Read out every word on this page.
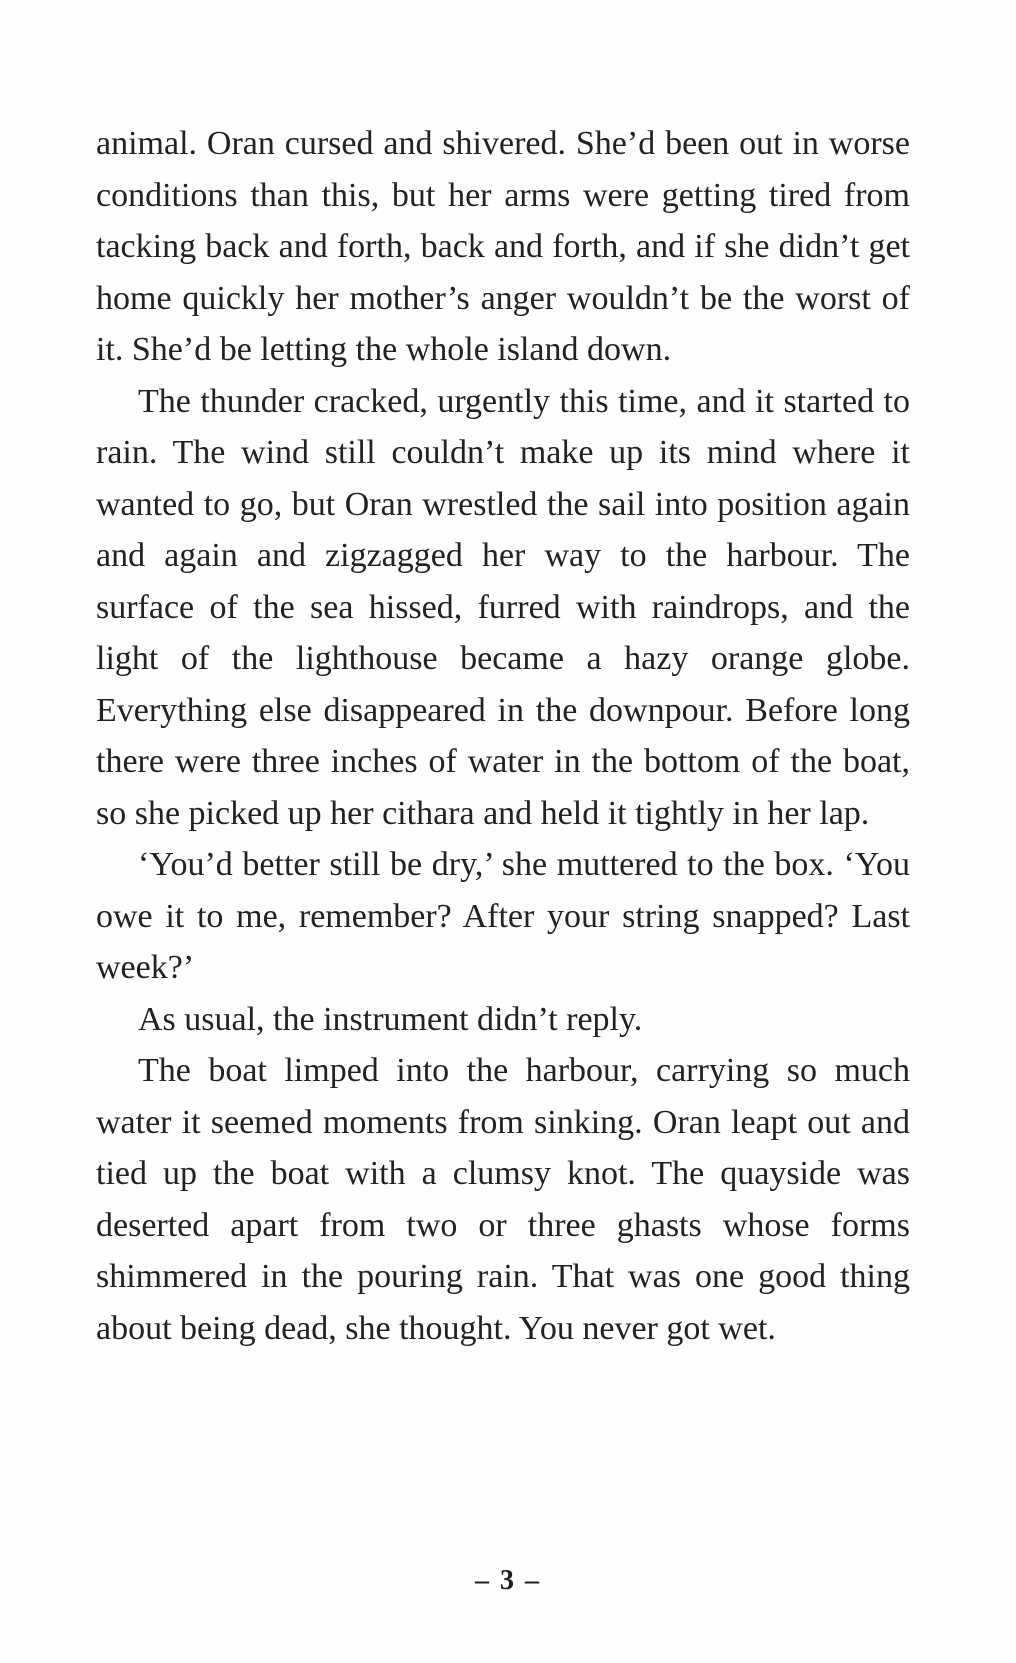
animal. Oran cursed and shivered. She’d been out in worse conditions than this, but her arms were getting tired from tacking back and forth, back and forth, and if she didn’t get home quickly her mother’s anger wouldn’t be the worst of it. She’d be letting the whole island down.

The thunder cracked, urgently this time, and it started to rain. The wind still couldn’t make up its mind where it wanted to go, but Oran wrestled the sail into position again and again and zigzagged her way to the harbour. The surface of the sea hissed, furred with raindrops, and the light of the lighthouse became a hazy orange globe. Everything else disappeared in the downpour. Before long there were three inches of water in the bottom of the boat, so she picked up her cithara and held it tightly in her lap.

‘You’d better still be dry,’ she muttered to the box. ‘You owe it to me, remember? After your string snapped? Last week?’

As usual, the instrument didn’t reply.

The boat limped into the harbour, carrying so much water it seemed moments from sinking. Oran leapt out and tied up the boat with a clumsy knot. The quayside was deserted apart from two or three ghasts whose forms shimmered in the pouring rain. That was one good thing about being dead, she thought. You never got wet.

– 3 –
